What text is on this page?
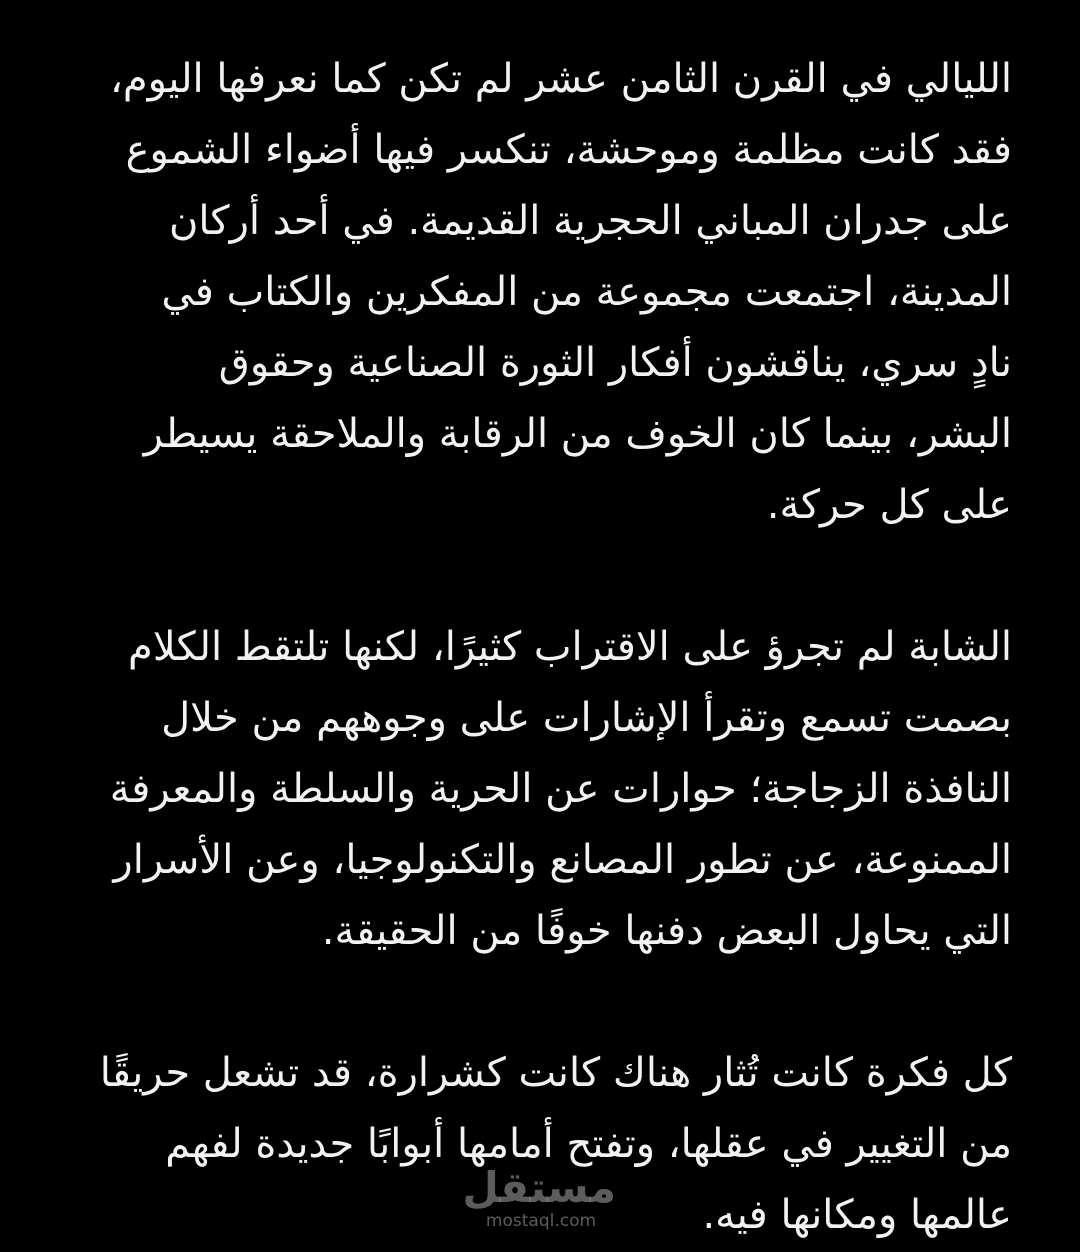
الليالي في القرن الثامن عشر لم تكن كما نعرفها اليوم،
فقد كانت مظلمة وموحشة، تنكسر فيها أضواء الشموع
على جدران المباني الحجرية القديمة. في أحد أركان
المدينة، اجتمعت مجموعة من المفكرين والكتاب في
نادٍ سري، يناقشون أفكار الثورة الصناعية وحقوق
البشر، بينما كان الخوف من الرقابة والملاحقة يسيطر
على كل حركة.
الشابة لم تجرؤ على الاقتراب كثيرًا، لكنها تلتقط الكلام
بصمت تسمع وتقرأ الإشارات على وجوههم من خلال
النافذة الزجاجة؛ حوارات عن الحرية والسلطة والمعرفة
الممنوعة، عن تطور المصانع والتكنولوجيا، وعن الأسرار
التي يحاول البعض دفنها خوفًا من الحقيقة.
كل فكرة كانت تُثار هناك كانت كشرارة، قد تشعل حريقًا
من التغيير في عقلها، وتفتح أمامها أبوابًا جديدة لفهم
عالمها ومكانها فيه.
مستقل
mostaql.com
